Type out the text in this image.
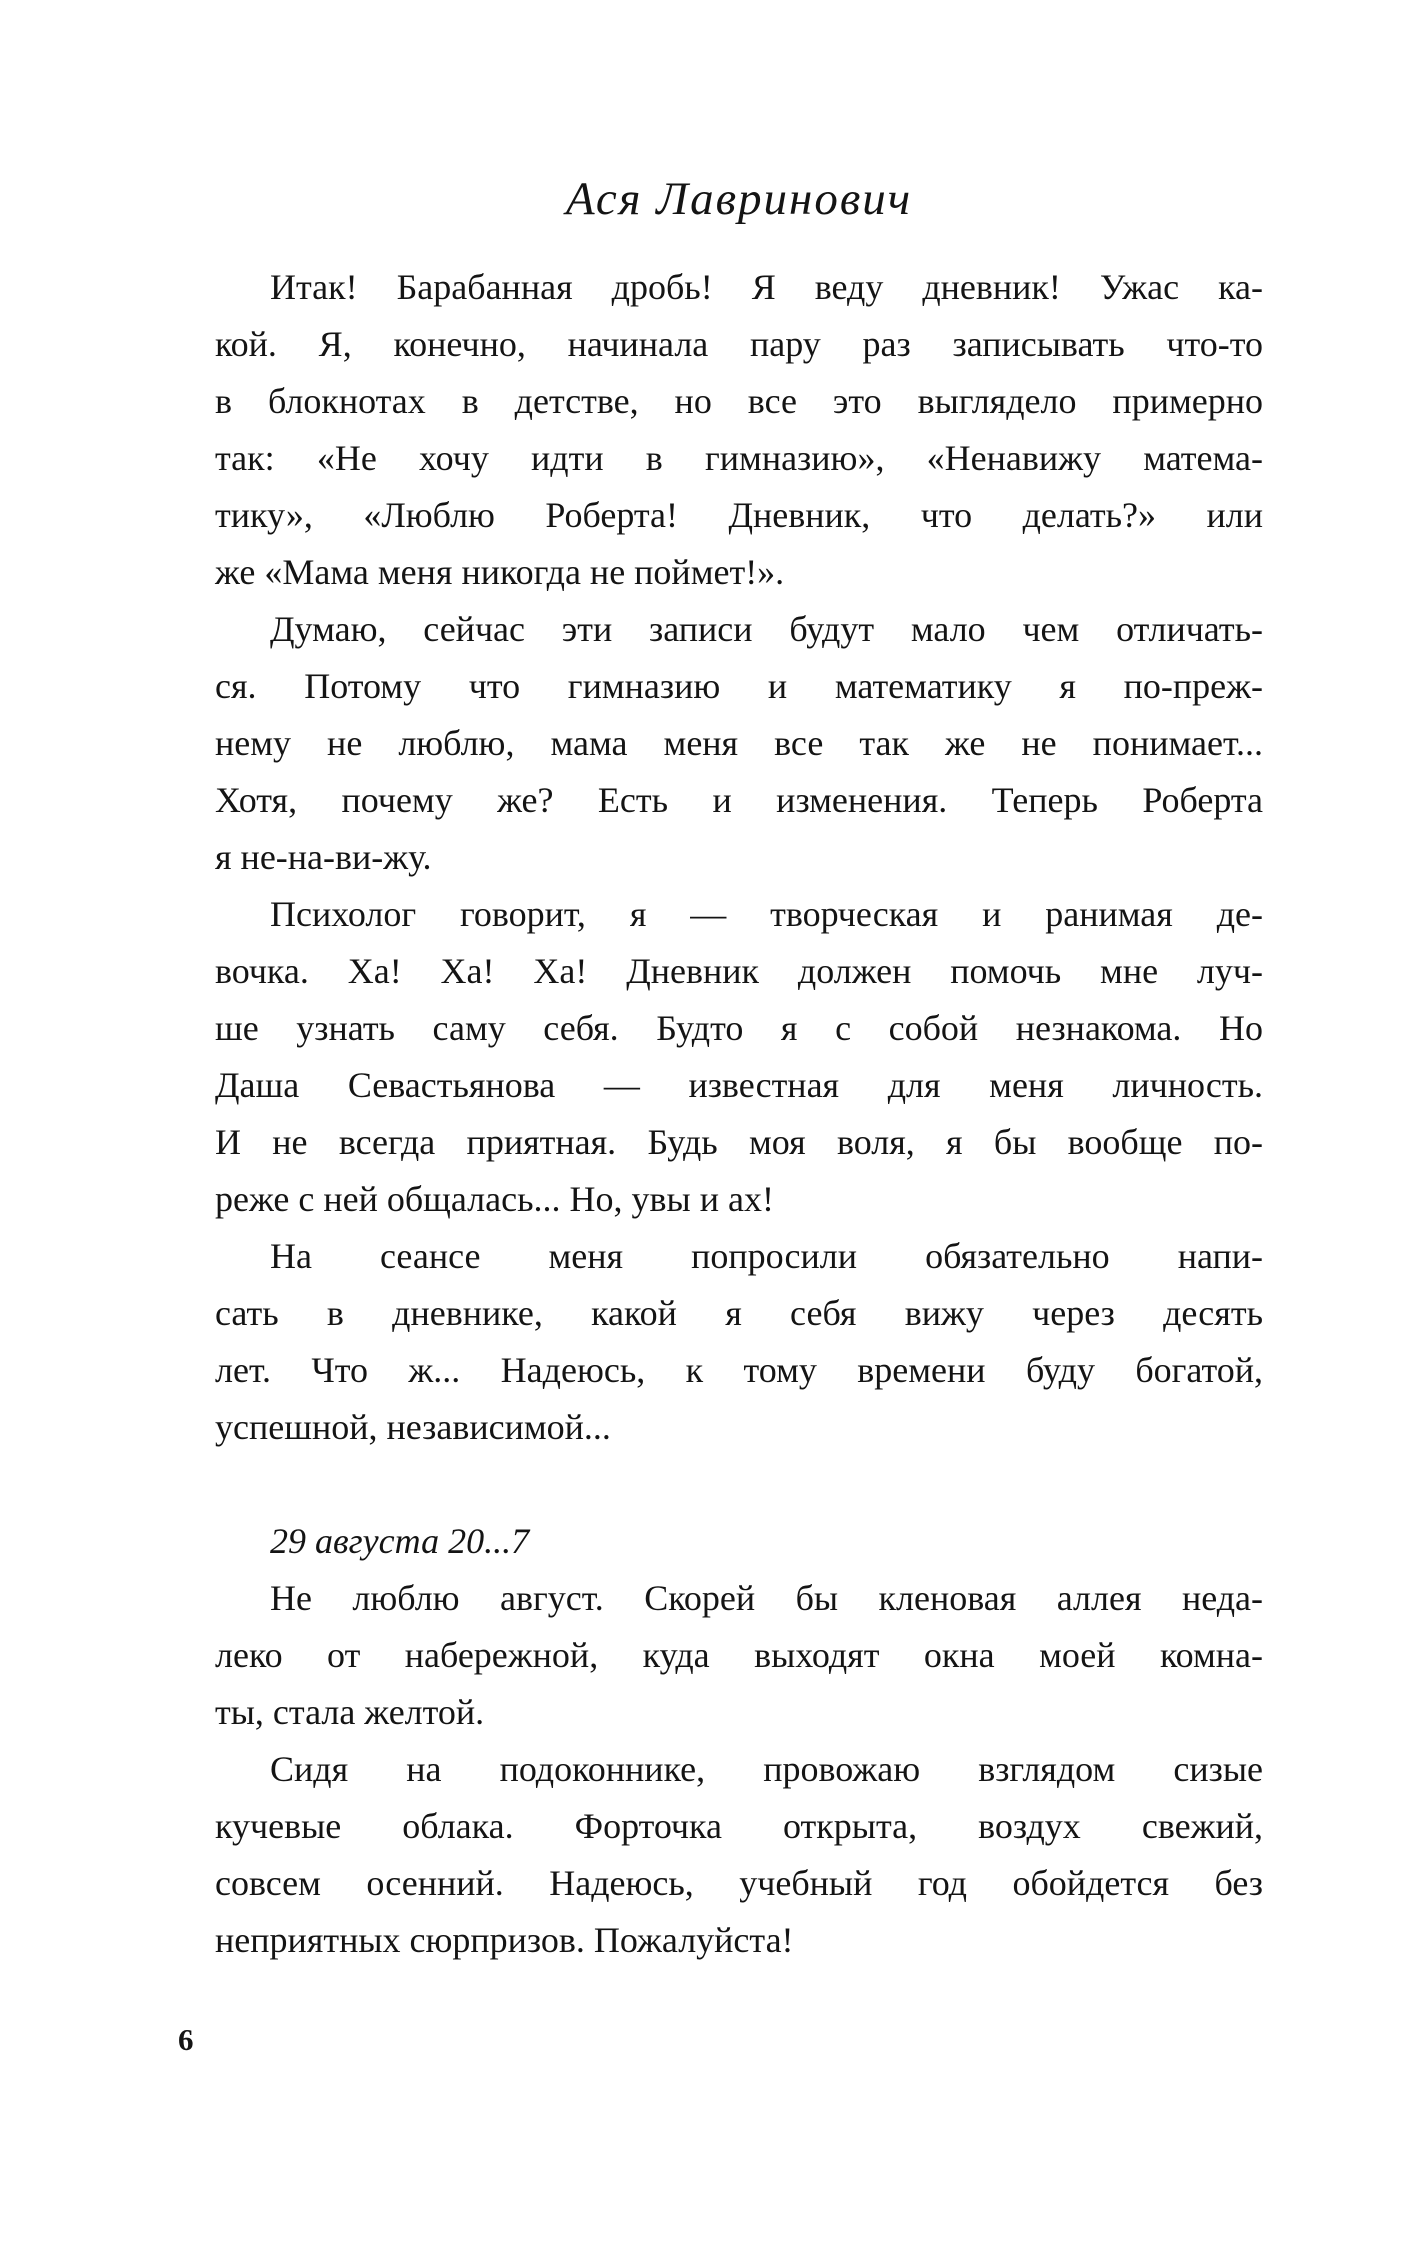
Ася Лавринович
Итак! Барабанная дробь! Я веду дневник! Ужас ка-
кой. Я, конечно, начинала пару раз записывать что-то
в блокнотах в детстве, но все это выглядело примерно
так: «Не хочу идти в гимназию», «Ненавижу матема-
тику», «Люблю Роберта! Дневник, что делать?» или
же «Мама меня никогда не поймет!».
Думаю, сейчас эти записи будут мало чем отличать-
ся. Потому что гимназию и математику я по-преж-
нему не люблю, мама меня все так же не понимает...
Хотя, почему же? Есть и изменения. Теперь Роберта
я не-на-ви-жу.
Психолог говорит, я — творческая и ранимая де-
вочка. Ха! Ха! Ха! Дневник должен помочь мне луч-
ше узнать саму себя. Будто я с собой незнакома. Но
Даша Севастьянова — известная для меня личность.
И не всегда приятная. Будь моя воля, я бы вообще по-
реже с ней общалась... Но, увы и ах!
На сеансе меня попросили обязательно напи-
сать в дневнике, какой я себя вижу через десять
лет. Что ж... Надеюсь, к тому времени буду богатой,
успешной, независимой...
29 августа 20...7
Не люблю август. Скорей бы кленовая аллея неда-
леко от набережной, куда выходят окна моей комна-
ты, стала желтой.
Сидя на подоконнике, провожаю взглядом сизые
кучевые облака. Форточка открыта, воздух свежий,
совсем осенний. Надеюсь, учебный год обойдется без
неприятных сюрпризов. Пожалуйста!
6
